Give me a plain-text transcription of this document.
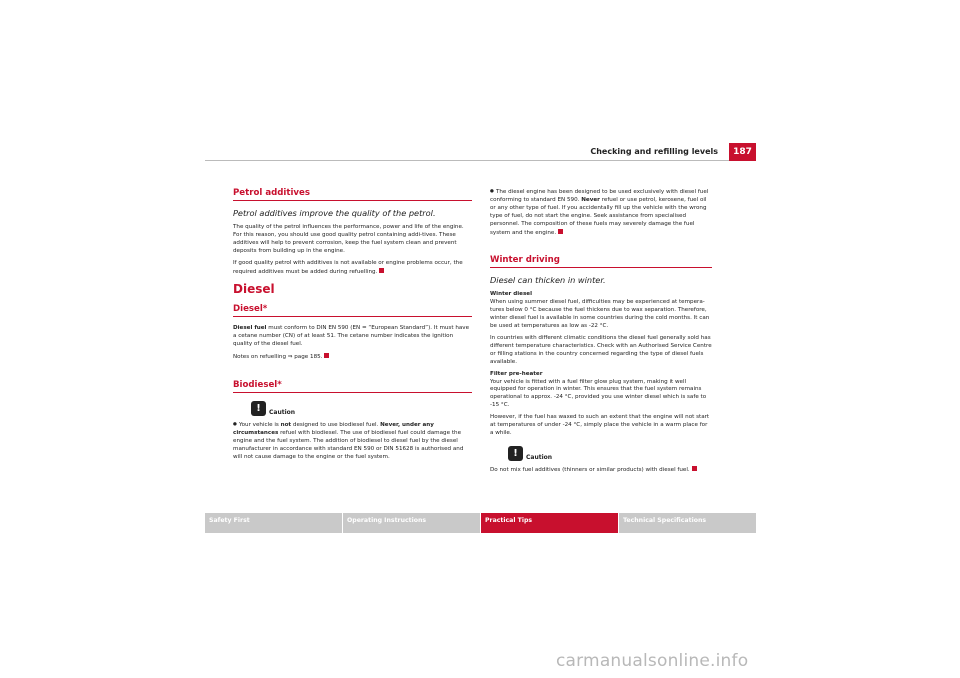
Checking and refilling levels	187
Petrol additives
Petrol additives improve the quality of the petrol.

The quality of the petrol influences the performance, power and life of the engine. For this reason, you should use good quality petrol containing addi-tives. These additives will help to prevent corrosion, keep the fuel system clean and prevent deposits from building up in the engine.

If good quality petrol with additives is not available or engine problems occur, the required additives must be added during refuelling.

Diesel
Diesel*

Diesel fuel must conform to DIN EN 590 (EN = “European Standard”). It must have a cetane number (CN) of at least 51. The cetane number indicates the ignition quality of the diesel fuel.

Notes on refuelling ⇒ page 185.

Biodiesel*
!	Caution

● Your vehicle is not designed to use biodiesel fuel. Never, under any circumstances refuel with biodiesel. The use of biodiesel fuel could damage the engine and the fuel system. The addition of biodiesel to diesel fuel by the diesel manufacturer in accordance with standard EN 590 or DIN 51628 is authorised and will not cause damage to the engine or the fuel system.

● The diesel engine has been designed to be used exclusively with diesel fuel conforming to standard EN 590. Never refuel or use petrol, kerosene, fuel oil or any other type of fuel. If you accidentally fill up the vehicle with the wrong type of fuel, do not start the engine. Seek assistance from specialised personnel. The composition of these fuels may severely damage the fuel system and the engine.

Winter driving
Diesel can thicken in winter.

Winter diesel
When using summer diesel fuel, difficulties may be experienced at tempera-tures below 0 °C because the fuel thickens due to wax separation. Therefore, winter diesel fuel is available in some countries during the cold months. It can be used at temperatures as low as -22 °C.

In countries with different climatic conditions the diesel fuel generally sold has different temperature characteristics. Check with an Authorised Service Centre or filling stations in the country concerned regarding the type of diesel fuels available.

Filter pre-heater
Your vehicle is fitted with a fuel filter glow plug system, making it well equipped for operation in winter. This ensures that the fuel system remains operational to approx. -24 °C, provided you use winter diesel which is safe to -15 °C.

However, if the fuel has waxed to such an extent that the engine will not start at temperatures of under -24 °C, simply place the vehicle in a warm place for a while.

!	Caution

Do not mix fuel additives (thinners or similar products) with diesel fuel.

Safety First	Operating Instructions	Practical Tips	Technical Specifications
carmanualsonline.info
